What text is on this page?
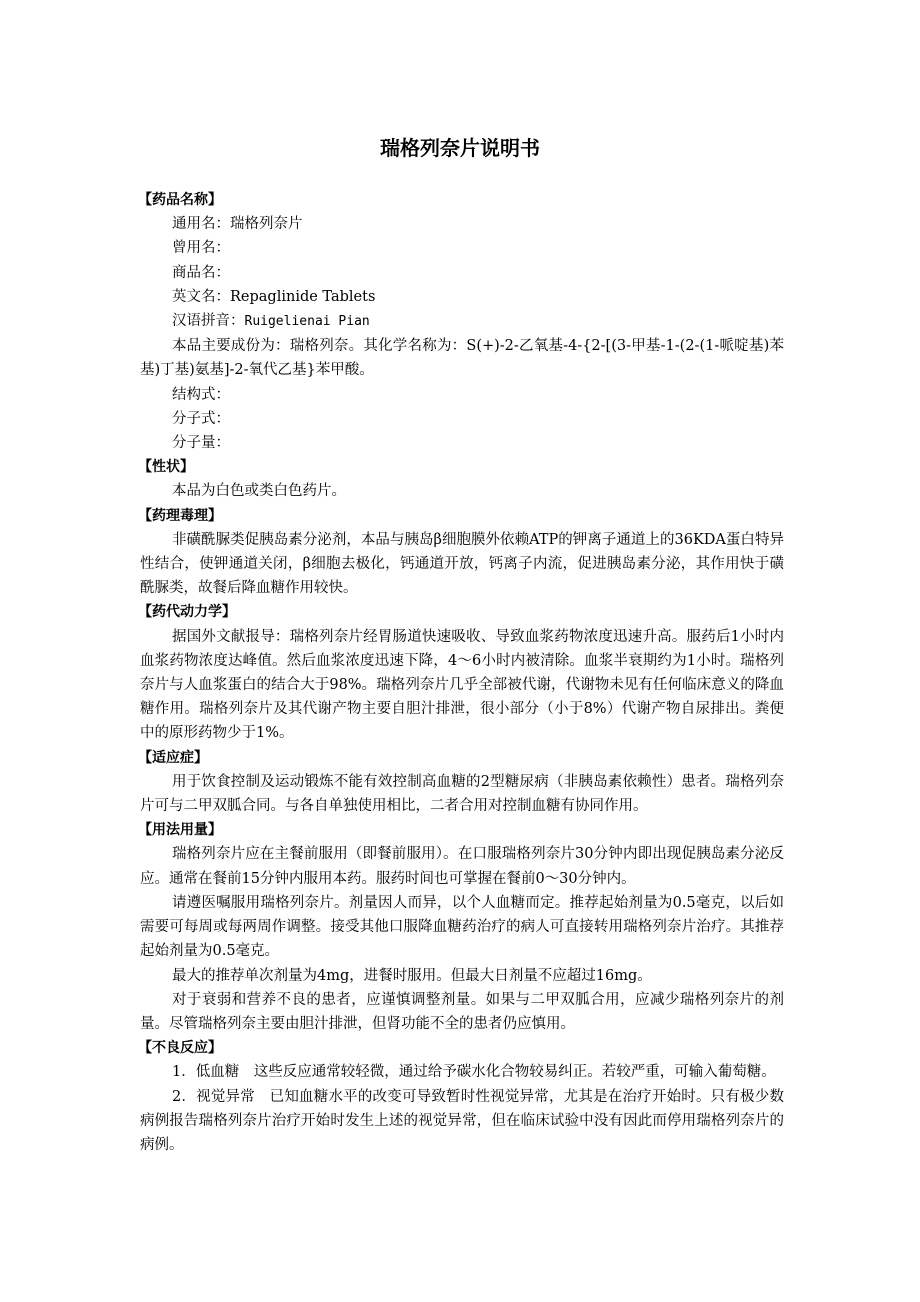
瑞格列奈片说明书
【药品名称】
通用名：瑞格列奈片
曾用名：
商品名：
英文名：Repaglinide Tablets
汉语拼音：Ruigelienai Pian
本品主要成份为：瑞格列奈。其化学名称为：S(+)-2-乙氧基-4-{2-[(3-甲基-1-(2-(1-哌啶基)苯基)丁基)氨基]-2-氧代乙基}苯甲酸。
结构式：
分子式：
分子量：
【性状】
本品为白色或类白色药片。
【药理毒理】
非磺酰脲类促胰岛素分泌剂，本品与胰岛β细胞膜外依赖ATP的钾离子通道上的36KDA蛋白特异性结合，使钾通道关闭，β细胞去极化，钙通道开放，钙离子内流，促进胰岛素分泌，其作用快于磺酰脲类，故餐后降血糖作用较快。
【药代动力学】
据国外文献报导：瑞格列奈片经胃肠道快速吸收、导致血浆药物浓度迅速升高。服药后1小时内血浆药物浓度达峰值。然后血浆浓度迅速下降，4～6小时内被清除。血浆半衰期约为1小时。瑞格列奈片与人血浆蛋白的结合大于98%。瑞格列奈片几乎全部被代谢，代谢物未见有任何临床意义的降血糖作用。瑞格列奈片及其代谢产物主要自胆汁排泄，很小部分（小于8%）代谢产物自尿排出。粪便中的原形药物少于1%。
【适应症】
用于饮食控制及运动锻炼不能有效控制高血糖的2型糖尿病（非胰岛素依赖性）患者。瑞格列奈片可与二甲双胍合同。与各自单独使用相比，二者合用对控制血糖有协同作用。
【用法用量】
瑞格列奈片应在主餐前服用（即餐前服用）。在口服瑞格列奈片30分钟内即出现促胰岛素分泌反应。通常在餐前15分钟内服用本药。服药时间也可掌握在餐前0～30分钟内。
请遵医嘱服用瑞格列奈片。剂量因人而异，以个人血糖而定。推荐起始剂量为0.5毫克，以后如需要可每周或每两周作调整。接受其他口服降血糖药治疗的病人可直接转用瑞格列奈片治疗。其推荐起始剂量为0.5毫克。
最大的推荐单次剂量为4mg，进餐时服用。但最大日剂量不应超过16mg。
对于衰弱和营养不良的患者，应谨慎调整剂量。如果与二甲双胍合用，应减少瑞格列奈片的剂量。尽管瑞格列奈主要由胆汁排泄，但肾功能不全的患者仍应慎用。
【不良反应】
1．低血糖　这些反应通常较轻微，通过给予碳水化合物较易纠正。若较严重，可输入葡萄糖。
2．视觉异常　已知血糖水平的改变可导致暂时性视觉异常，尤其是在治疗开始时。只有极少数病例报告瑞格列奈片治疗开始时发生上述的视觉异常，但在临床试验中没有因此而停用瑞格列奈片的病例。
